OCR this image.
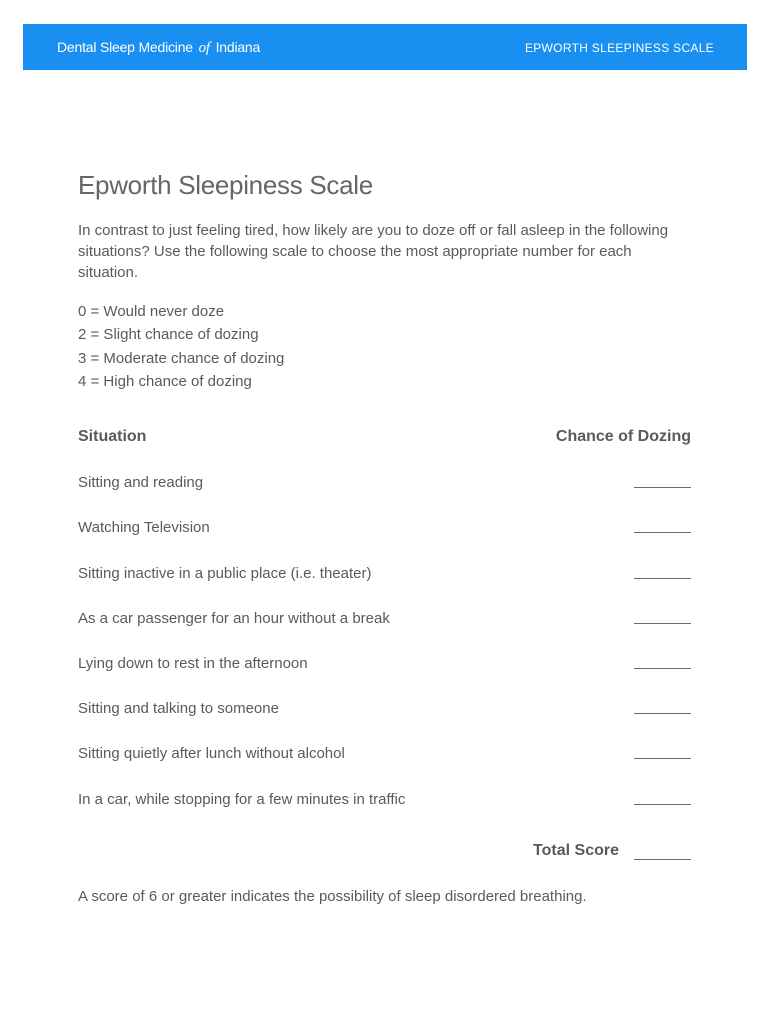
Dental Sleep Medicine of Indiana	EPWORTH SLEEPINESS SCALE
Epworth Sleepiness Scale

In contrast to just feeling tired, how likely are you to doze off or fall asleep in the following situations? Use the following scale to choose the most appropriate number for each situation.

0 = Would never doze
2 = Slight chance of dozing
3 = Moderate chance of dozing
4 = High chance of dozing
Situation	Chance of Dozing
Sitting and reading
Watching Television
Sitting inactive in a public place (i.e. theater)
As a car passenger for an hour without a break
Lying down to rest in the afternoon
Sitting and talking to someone
Sitting quietly after lunch without alcohol
In a car, while stopping for a few minutes in traffic
Total Score

A score of 6 or greater indicates the possibility of sleep disordered breathing.
